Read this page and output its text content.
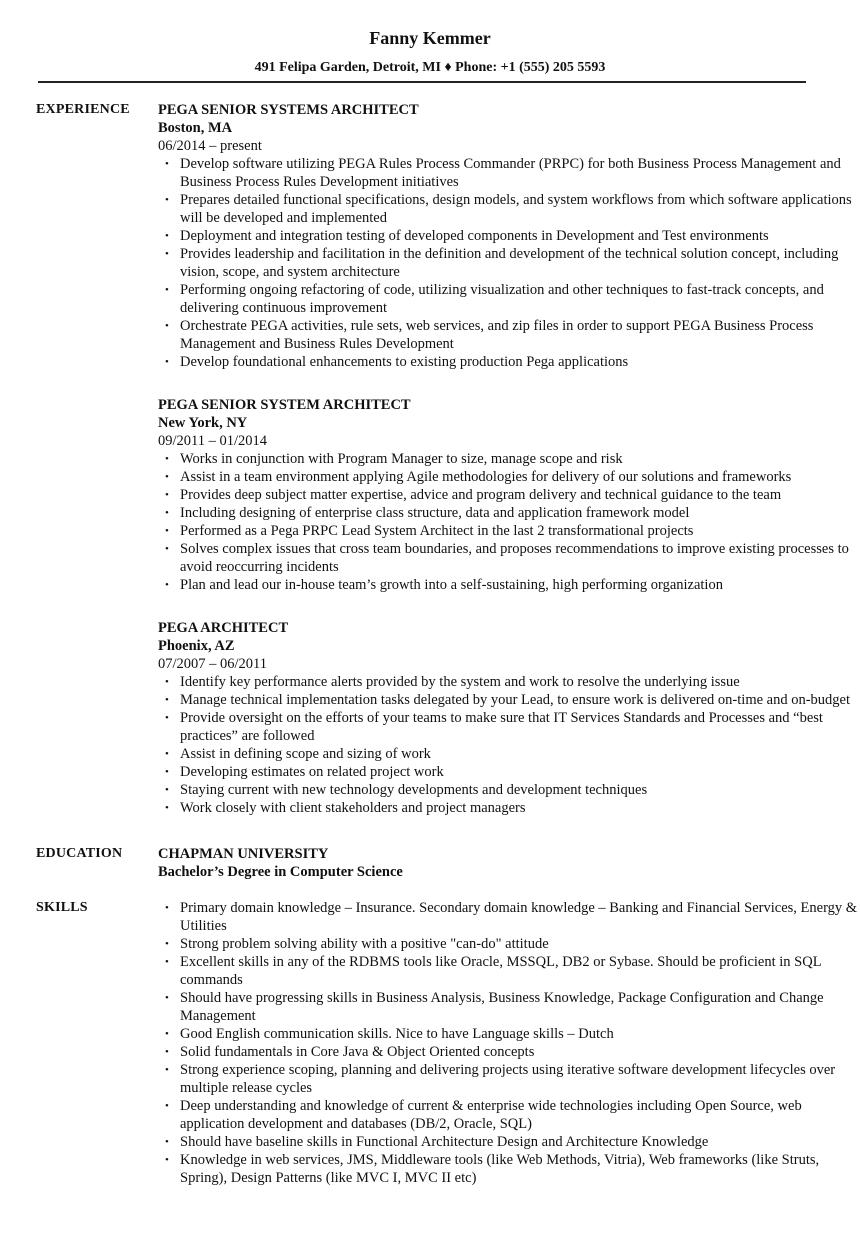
Fanny Kemmer
491 Felipa Garden, Detroit, MI ♦ Phone: +1 (555) 205 5593
EXPERIENCE	PEGA SENIOR SYSTEMS ARCHITECT
Boston, MA
06/2014 – present
• Develop software utilizing PEGA Rules Process Commander (PRPC) for both Business Process Management and Business Process Rules Development initiatives
• Prepares detailed functional specifications, design models, and system workflows from which software applications will be developed and implemented
• Deployment and integration testing of developed components in Development and Test environments
• Provides leadership and facilitation in the definition and development of the technical solution concept, including vision, scope, and system architecture
• Performing ongoing refactoring of code, utilizing visualization and other techniques to fast-track concepts, and delivering continuous improvement
• Orchestrate PEGA activities, rule sets, web services, and zip files in order to support PEGA Business Process Management and Business Rules Development
• Develop foundational enhancements to existing production Pega applications
PEGA SENIOR SYSTEM ARCHITECT
New York, NY
09/2011 – 01/2014
• Works in conjunction with Program Manager to size, manage scope and risk
• Assist in a team environment applying Agile methodologies for delivery of our solutions and frameworks
• Provides deep subject matter expertise, advice and program delivery and technical guidance to the team
• Including designing of enterprise class structure, data and application framework model
• Performed as a Pega PRPC Lead System Architect in the last 2 transformational projects
• Solves complex issues that cross team boundaries, and proposes recommendations to improve existing processes to avoid reoccurring incidents
• Plan and lead our in-house team’s growth into a self-sustaining, high performing organization
PEGA ARCHITECT
Phoenix, AZ
07/2007 – 06/2011
• Identify key performance alerts provided by the system and work to resolve the underlying issue
• Manage technical implementation tasks delegated by your Lead, to ensure work is delivered on-time and on-budget
• Provide oversight on the efforts of your teams to make sure that IT Services Standards and Processes and “best practices” are followed
• Assist in defining scope and sizing of work
• Developing estimates on related project work
• Staying current with new technology developments and development techniques
• Work closely with client stakeholders and project managers
EDUCATION	CHAPMAN UNIVERSITY
Bachelor’s Degree in Computer Science
SKILLS
•	Primary domain knowledge – Insurance. Secondary domain knowledge – Banking and Financial Services, Energy & Utilities
• Strong problem solving ability with a positive "can-do" attitude
• Excellent skills in any of the RDBMS tools like Oracle, MSSQL, DB2 or Sybase. Should be proficient in SQL commands
• Should have progressing skills in Business Analysis, Business Knowledge, Package Configuration and Change Management
• Good English communication skills. Nice to have Language skills – Dutch
• Solid fundamentals in Core Java & Object Oriented concepts
• Strong experience scoping, planning and delivering projects using iterative software development lifecycles over multiple release cycles
• Deep understanding and knowledge of current & enterprise wide technologies including Open Source, web application development and databases (DB/2, Oracle, SQL)
• Should have baseline skills in Functional Architecture Design and Architecture Knowledge
• Knowledge in web services, JMS, Middleware tools (like Web Methods, Vitria), Web frameworks (like Struts, Spring), Design Patterns (like MVC I, MVC II etc)
